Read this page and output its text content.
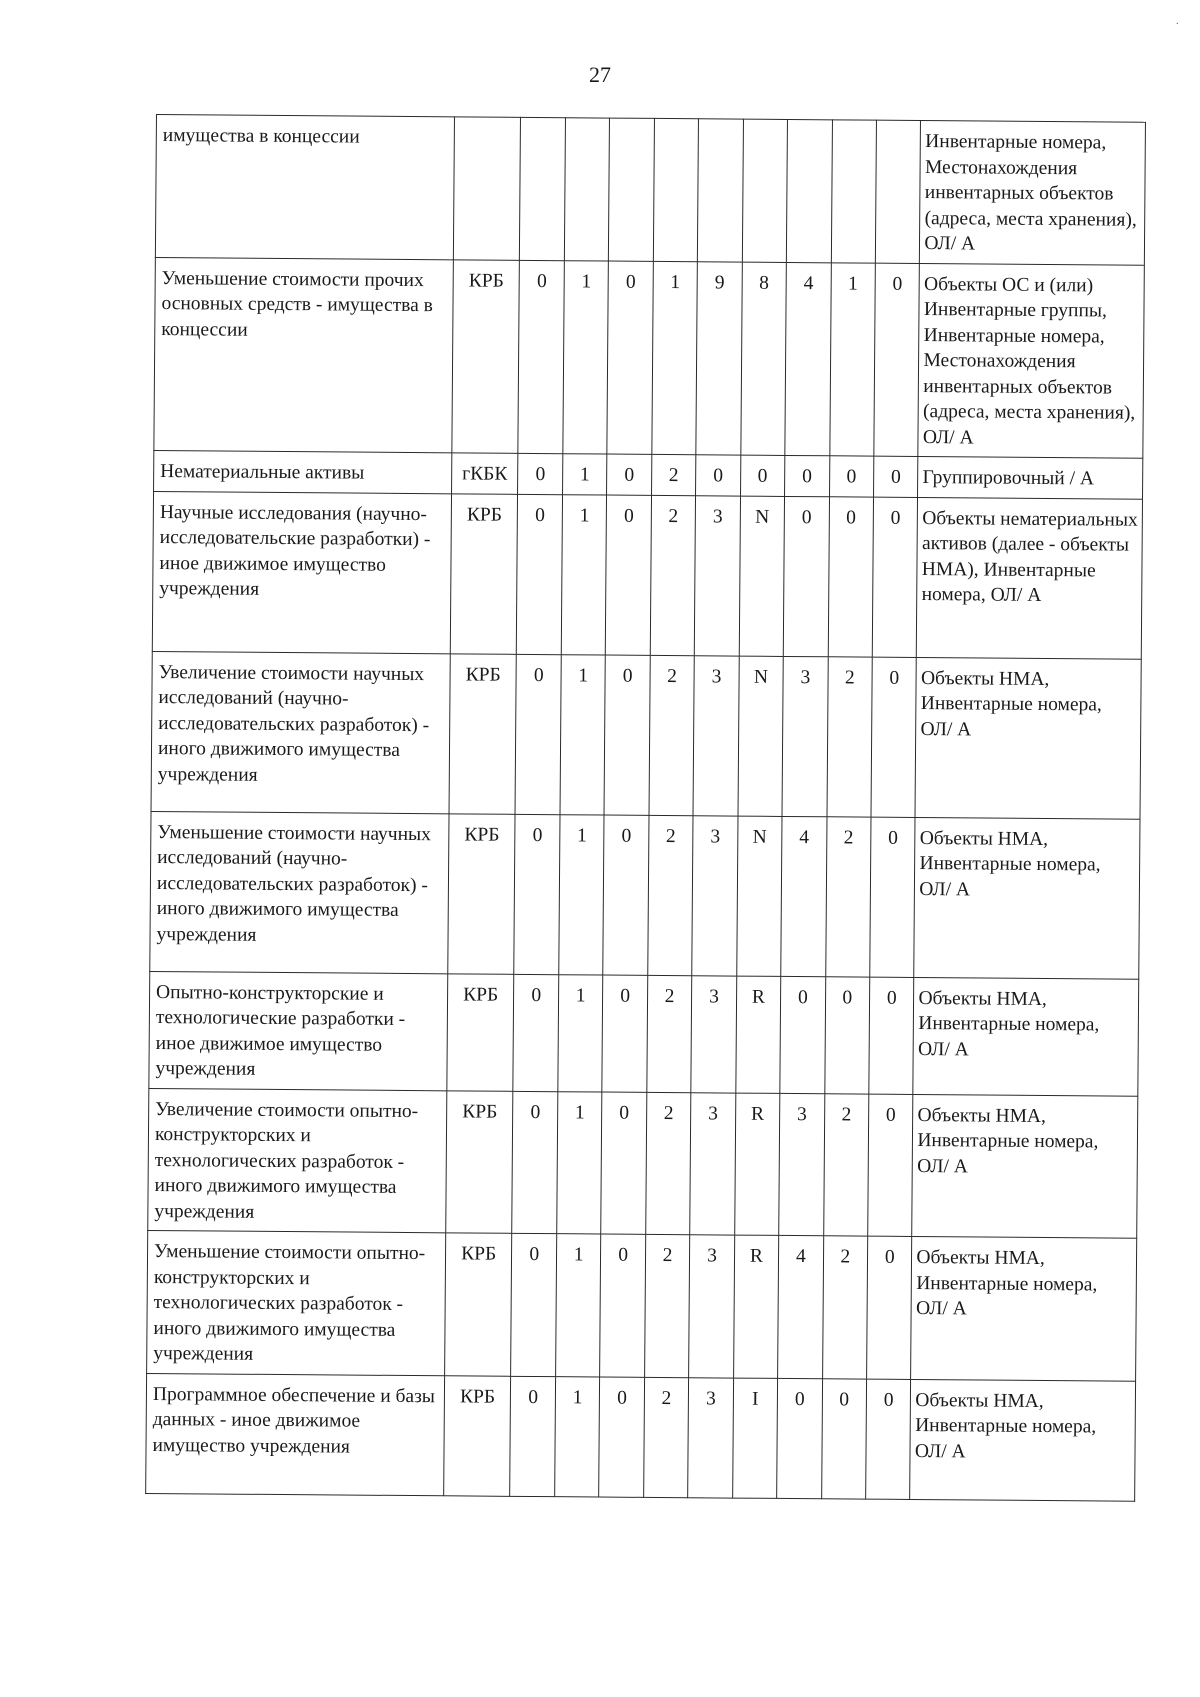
27
.
имущества в концессии											Инвентарные номера, Местонахождения инвентарных объектов (адреса, места хранения), ОЛ/ А
Уменьшение стоимости прочих основных средств - имущества в концессии	КРБ	0	1	0	1	9	8	4	1	0	Объекты ОС и (или) Инвентарные группы, Инвентарные номера, Местонахождения инвентарных объектов (адреса, места хранения), ОЛ/ А
Нематериальные активы	гКБК	0	1	0	2	0	0	0	0	0	Группировочный / А
Научные исследования (научно-исследовательские разработки) - иное движимое имущество учреждения	КРБ	0	1	0	2	3	N	0	0	0	Объекты нематериальных активов (далее - объекты НМА), Инвентарные номера, ОЛ/ А
Увеличение стоимости научных исследований (научно-исследовательских разработок) - иного движимого имущества учреждения	КРБ	0	1	0	2	3	N	3	2	0	Объекты НМА, Инвентарные номера, ОЛ/ А
Уменьшение стоимости научных исследований (научно-исследовательских разработок) - иного движимого имущества учреждения	КРБ	0	1	0	2	3	N	4	2	0	Объекты НМА, Инвентарные номера, ОЛ/ А
Опытно-конструкторские и технологические разработки - иное движимое имущество учреждения	КРБ	0	1	0	2	3	R	0	0	0	Объекты НМА, Инвентарные номера, ОЛ/ А
Увеличение стоимости опытно-конструкторских и технологических разработок - иного движимого имущества учреждения	КРБ	0	1	0	2	3	R	3	2	0	Объекты НМА, Инвентарные номера, ОЛ/ А
Уменьшение стоимости опытно-конструкторских и технологических разработок - иного движимого имущества учреждения	КРБ	0	1	0	2	3	R	4	2	0	Объекты НМА, Инвентарные номера, ОЛ/ А
Программное обеспечение и базы данных - иное движимое имущество учреждения	КРБ	0	1	0	2	3	I	0	0	0	Объекты НМА, Инвентарные номера, ОЛ/ А
